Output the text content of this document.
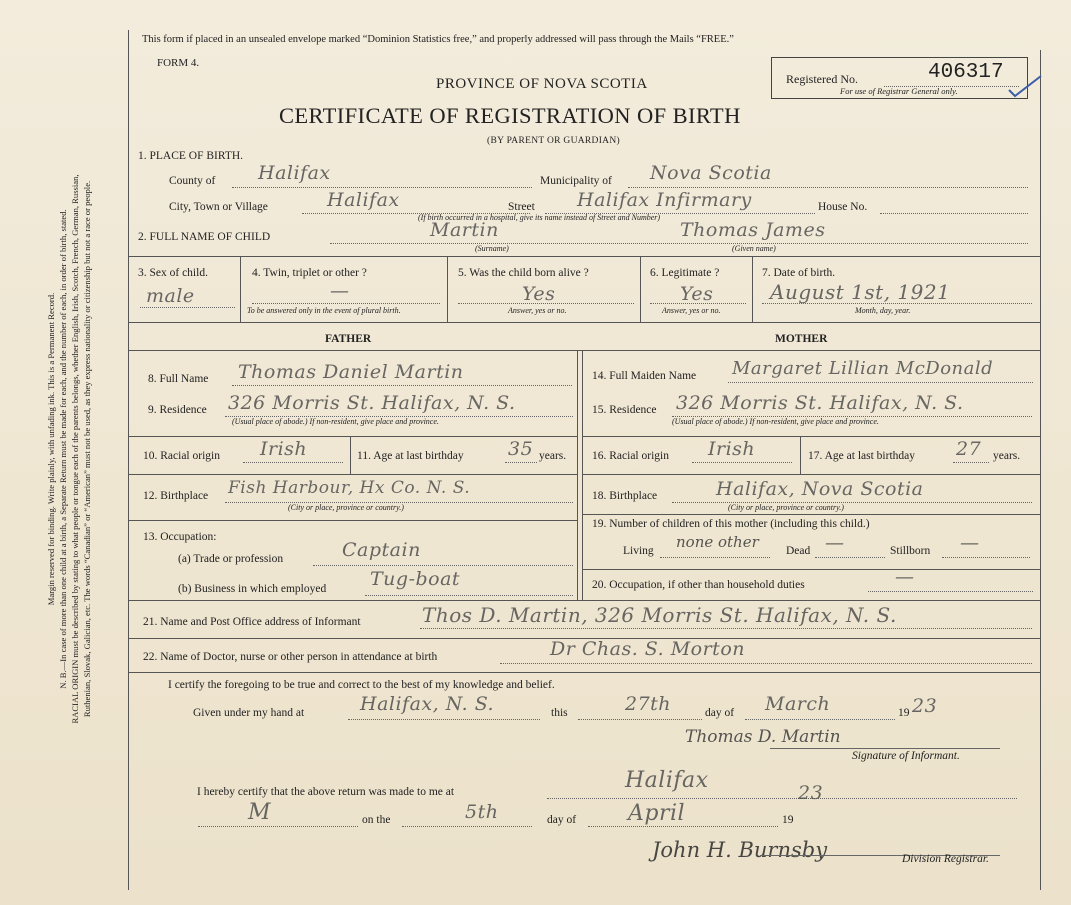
Margin reserved for binding. Write plainly, with unfading ink. This is a Permanent Record. N. B.—In case of more than one child at a birth, a Separate Return must be made for each, and the number of each, in order of birth, stated. RACIAL ORIGIN must be described by stating to what people or tongue each of the parents belongs, whether English, Irish, Scotch, French, German, Russian, Ruthenian, Slovak, Galician, etc. The words “Canadian” or “American” must not be used, as they express nationality or citizenship but not a race or people.
This form if placed in an unsealed envelope marked “Dominion Statistics free,” and properly addressed will pass through the Mails “FREE.”
FORM 4.
PROVINCE OF NOVA SCOTIA
CERTIFICATE OF REGISTRATION OF BIRTH
(BY PARENT OR GUARDIAN)
Registered No.	406317
For use of Registrar General only.
1. PLACE OF BIRTH.
County of Halifax	Municipality of Nova Scotia
City, Town or Village	Halifax	Street Halifax Infirmary	House No.
(If birth occurred in a hospital, give its name instead of Street and Number)
2. FULL NAME OF CHILD	Martin
(Surname)
Thomas James
(Given name)
3. Sex of child.
male
4. Twin, triplet or other ?
—
To be answered only in the event of plural birth.
5. Was the child born alive ?
Yes
Answer, yes or no.
6. Legitimate ?
Yes
Answer, yes or no.
7. Date of birth.
August 1st, 1921
Month, day, year.
FATHER	MOTHER
8. Full Name Thomas Daniel Martin
9. Residence 326 Morris St. Halifax, N. S.
(Usual place of abode.) If non-resident, give place and province.
10. Racial origin Irish	11. Age at last birthday 35 years.
12. Birthplace Fish Harbour, Hx Co. N. S.
(City or place, province or country.)
13. Occupation:
(a) Trade or profession	Captain
(b) Business in which employed Tug-boat
14. Full Maiden Name Margaret Lillian McDonald
15. Residence 326 Morris St. Halifax, N. S.
(Usual place of abode.) If non-resident, give place and province.
16. Racial origin Irish	17. Age at last birthday 27 years.
18. Birthplace	Halifax, Nova Scotia
(City or place, province or country.)
19. Number of children of this mother (including this child.)
Living none other Dead —	Stillborn —
20. Occupation, if other than household duties	—
21. Name and Post Office address of Informant	Thos D. Martin, 326 Morris St. Halifax, N. S.
22. Name of Doctor, nurse or other person in attendance at birth	Dr Chas. S. Morton
I certify the foregoing to be true and correct to the best of my knowledge and belief.
Given under my hand at	Halifax, N. S.	this	27th	day of March	19 23
Thomas D. Martin
Signature of Informant.
I hereby certify that the above return was made to me at	Halifax
M	on the	5th	day of April	19
23
John H. Burnsby	Division Registrar.
